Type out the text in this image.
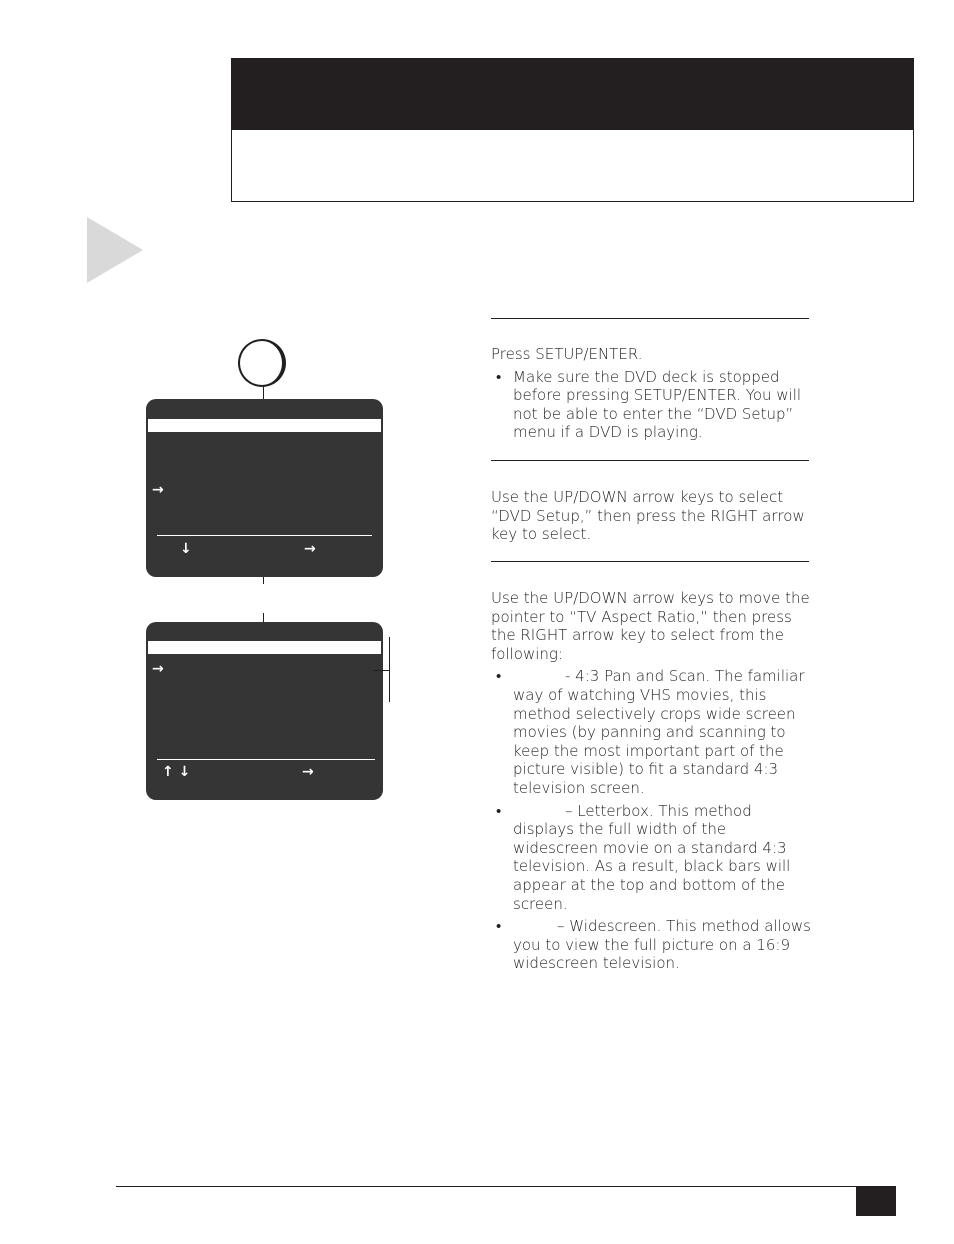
→
↓	→
→
↑ ↓	→

Press SETUP/ENTER.

• Make sure the DVD deck is stopped before pressing SETUP/ENTER. You will not be able to enter the “DVD Setup” menu if a DVD is playing.

Use the UP/DOWN arrow keys to select “DVD Setup,” then press the RIGHT arrow key to select.

Use the UP/DOWN arrow keys to move the pointer to “TV Aspect Ratio,” then press the RIGHT arrow key to select from the following:

•	- 4:3 Pan and Scan. The familiar way of watching VHS movies, this method selectively crops wide screen movies (by panning and scanning to keep the most important part of the picture visible) to fit a standard 4:3 television screen.
•	– Letterbox. This method displays the full width of the widescreen movie on a standard 4:3 television. As a result, black bars will appear at the top and bottom of the screen.
•	– Widescreen. This method allows you to view the full picture on a 16:9 widescreen television.
